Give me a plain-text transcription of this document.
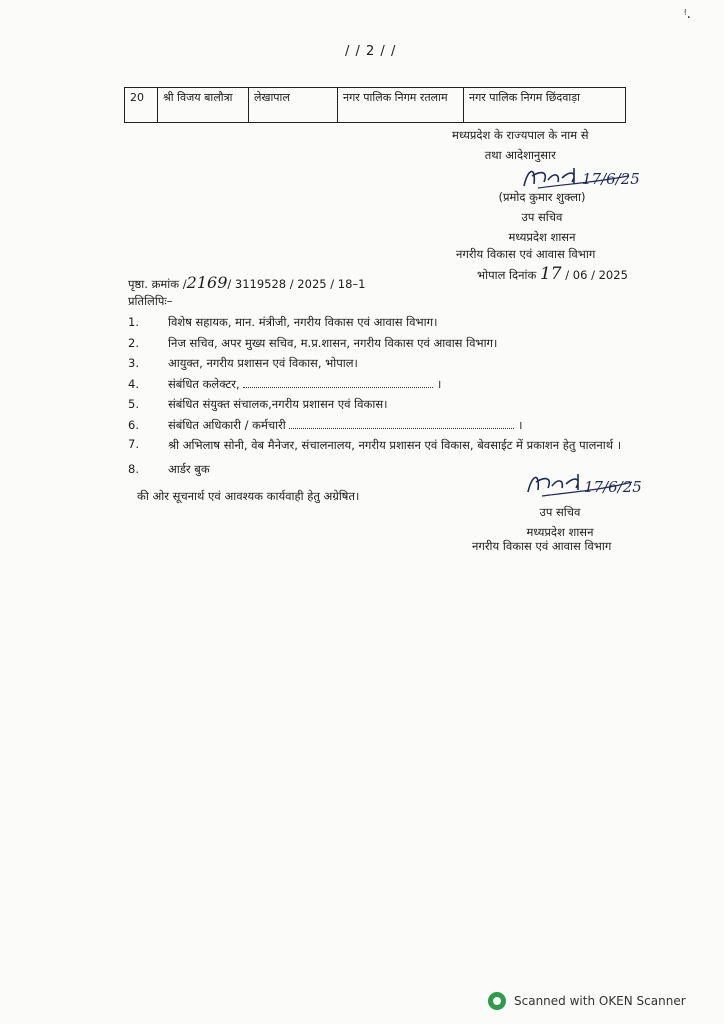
ᵎ.
/ / 2 / /
20	श्री विजय बालौत्रा	लेखापाल	नगर पालिक निगम रतलाम	नगर पालिक निगम छिंदवाड़ा
मध्यप्रदेश के राज्यपाल के नाम से
तथा आदेशानुसार
17/6/25
(प्रमोद कुमार शुक्ला)
उप सचिव
मध्यप्रदेश शासन
नगरीय विकास एवं आवास विभाग
भोपाल दिनांक 17 / 06 / 2025
पृष्ठा. क्रमांक /2169/ 3119528 / 2025 / 18–1
प्रतिलिपिः–
1.	विशेष सहायक, मान. मंत्रीजी, नगरीय विकास एवं आवास विभाग।
2.	निज सचिव, अपर मुख्य सचिव, म.प्र.शासन, नगरीय विकास एवं आवास विभाग।
3.	आयुक्त, नगरीय प्रशासन एवं विकास, भोपाल।
4.	संबंधित कलेक्टर,	।
5.	संबंधित संयुक्त संचालक,नगरीय प्रशासन एवं विकास।
6.	संबंधित अधिकारी / कर्मचारी	।
7.	श्री अभिलाष सोनी, वेब मैनेजर, संचालनालय, नगरीय प्रशासन एवं विकास, बेवसाईट में प्रकाशन हेतु पालनार्थ ।
8.	आर्डर बुक
की ओर सूचनार्थ एवं आवश्यक कार्यवाही हेतु अग्रेषित।	17/6/25
उप सचिव
मध्यप्रदेश शासन
नगरीय विकास एवं आवास विभाग
Scanned with OKEN Scanner
